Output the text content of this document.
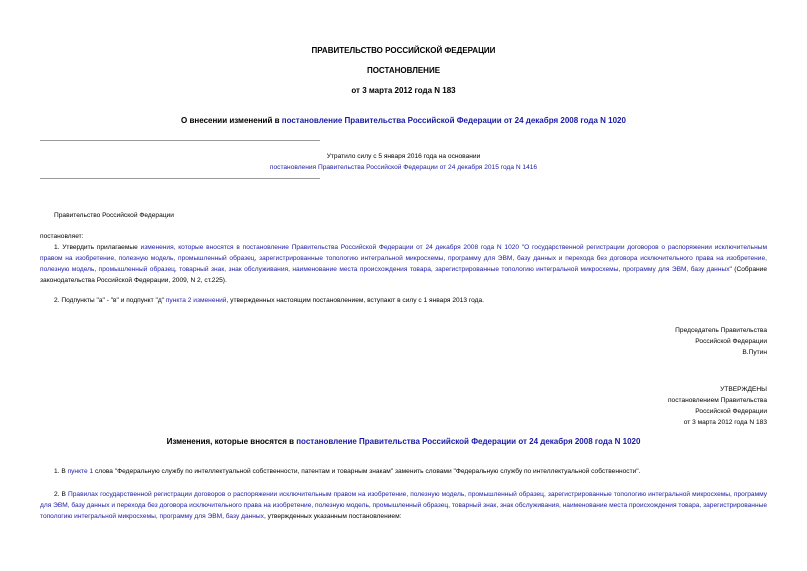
ПРАВИТЕЛЬСТВО РОССИЙСКОЙ ФЕДЕРАЦИИ
ПОСТАНОВЛЕНИЕ
от 3 марта 2012 года N 183
О внесении изменений в постановление Правительства Российской Федерации от 24 декабря 2008 года N 1020
Утратило силу с 5 января 2016 года на основании
постановления Правительства Российской Федерации от 24 декабря 2015 года N 1416
Правительство Российской Федерации
постановляет:
1. Утвердить прилагаемые изменения, которые вносятся в постановление Правительства Российской Федерации от 24 декабря 2008 года N 1020 "О государственной регистрации договоров о распоряжении исключительным правом на изобретение, полезную модель, промышленный образец, зарегистрированные топологию интегральной микросхемы, программу для ЭВМ, базу данных и перехода без договора исключительного права на изобретение, полезную модель, промышленный образец, товарный знак, знак обслуживания, наименование места происхождения товара, зарегистрированные топологию интегральной микросхемы, программу для ЭВМ, базу данных" (Собрание законодательства Российской Федерации, 2009, N 2, ст.225).
2. Подпункты "а" - "в" и подпункт "д" пункта 2 изменений, утвержденных настоящим постановлением, вступают в силу с 1 января 2013 года.
Председатель Правительства
Российской Федерации
В.Путин
УТВЕРЖДЕНЫ
постановлением Правительства
Российской Федерации
от 3 марта 2012 года N 183
Изменения, которые вносятся в постановление Правительства Российской Федерации от 24 декабря 2008 года N 1020
1. В пункте 1 слова "Федеральную службу по интеллектуальной собственности, патентам и товарным знакам" заменить словами "Федеральную службу по интеллектуальной собственности".
2. В Правилах государственной регистрации договоров о распоряжении исключительным правом на изобретение, полезную модель, промышленный образец, зарегистрированные топологию интегральной микросхемы, программу для ЭВМ, базу данных и перехода без договора исключительного права на изобретение, полезную модель, промышленный образец, товарный знак, знак обслуживания, наименование места происхождения товара, зарегистрированные топологию интегральной микросхемы, программу для ЭВМ, базу данных, утвержденных указанным постановлением:
